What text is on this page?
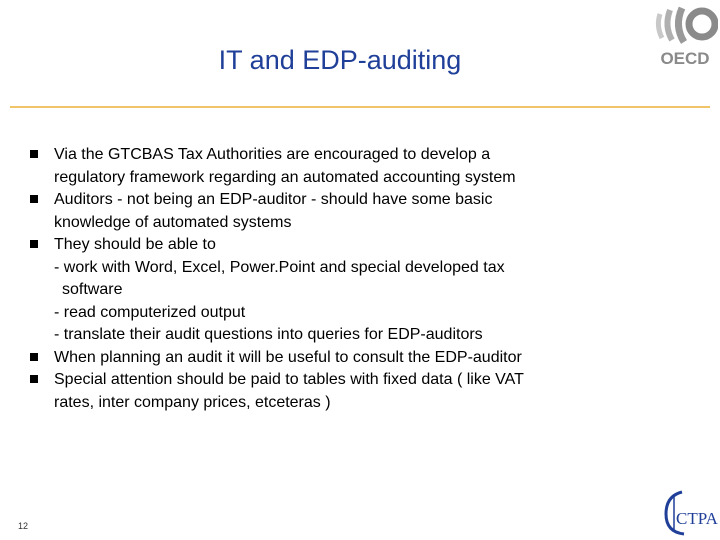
IT and EDP-auditing	OECD
Via the GTCBAS Tax Authorities are encouraged to develop a
regulatory framework regarding an automated accounting system
Auditors - not being an EDP-auditor - should have some basic
knowledge of automated systems
They should be able to
- work with Word, Excel, Power.Point and special developed tax
software
- read computerized output
- translate their audit questions into queries for EDP-auditors
When planning an audit it will be useful to consult the EDP-auditor
Special attention should be paid to tables with fixed data ( like VAT
rates, inter company prices, etceteras )
12	CTPA
